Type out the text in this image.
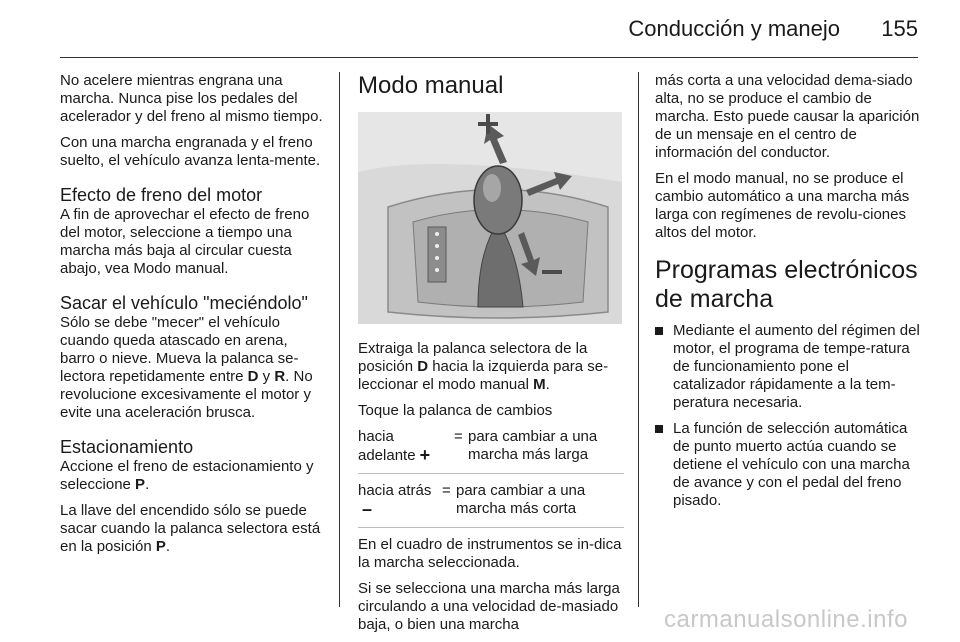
Conducción y manejo 155

No acelere mientras engrana una marcha. Nunca pise los pedales del acelerador y del freno al mismo tiempo.

Con una marcha engranada y el freno suelto, el vehículo avanza lenta-mente.

Efecto de freno del motor

A fin de aprovechar el efecto de freno del motor, seleccione a tiempo una marcha más baja al circular cuesta abajo, vea Modo manual.

Sacar el vehículo "meciéndolo"

Sólo se debe "mecer" el vehículo cuando queda atascado en arena, barro o nieve. Mueva la palanca se-lectora repetidamente entre D y R. No revolucione excesivamente el motor y evite una aceleración brusca.

Estacionamiento

Accione el freno de estacionamiento y seleccione P.

La llave del encendido sólo se puede sacar cuando la palanca selectora está en la posición P.

Modo manual

Extraiga la palanca selectora de la posición D hacia la izquierda para se-leccionar el modo manual M.

Toque la palanca de cambios

hacia adelante +
= para cambiar a una marcha más larga
hacia atrás–
= para cambiar a una marcha más corta

En el cuadro de instrumentos se in-dica la marcha seleccionada.

Si se selecciona una marcha más larga circulando a una velocidad de-masiado baja, o bien una marcha

más corta a una velocidad dema-siado alta, no se produce el cambio de marcha. Esto puede causar la aparición de un mensaje en el centro de información del conductor.

En el modo manual, no se produce el cambio automático a una marcha más larga con regímenes de revolu-ciones altos del motor.

Programas electrónicos de marcha
Mediante el aumento del régimen del motor, el programa de tempe-ratura de funcionamiento pone el catalizador rápidamente a la tem-peratura necesaria.
La función de selección automática de punto muerto actúa cuando se detiene el vehículo con una marcha de avance y con el pedal del freno pisado.
carmanualsonline.info
